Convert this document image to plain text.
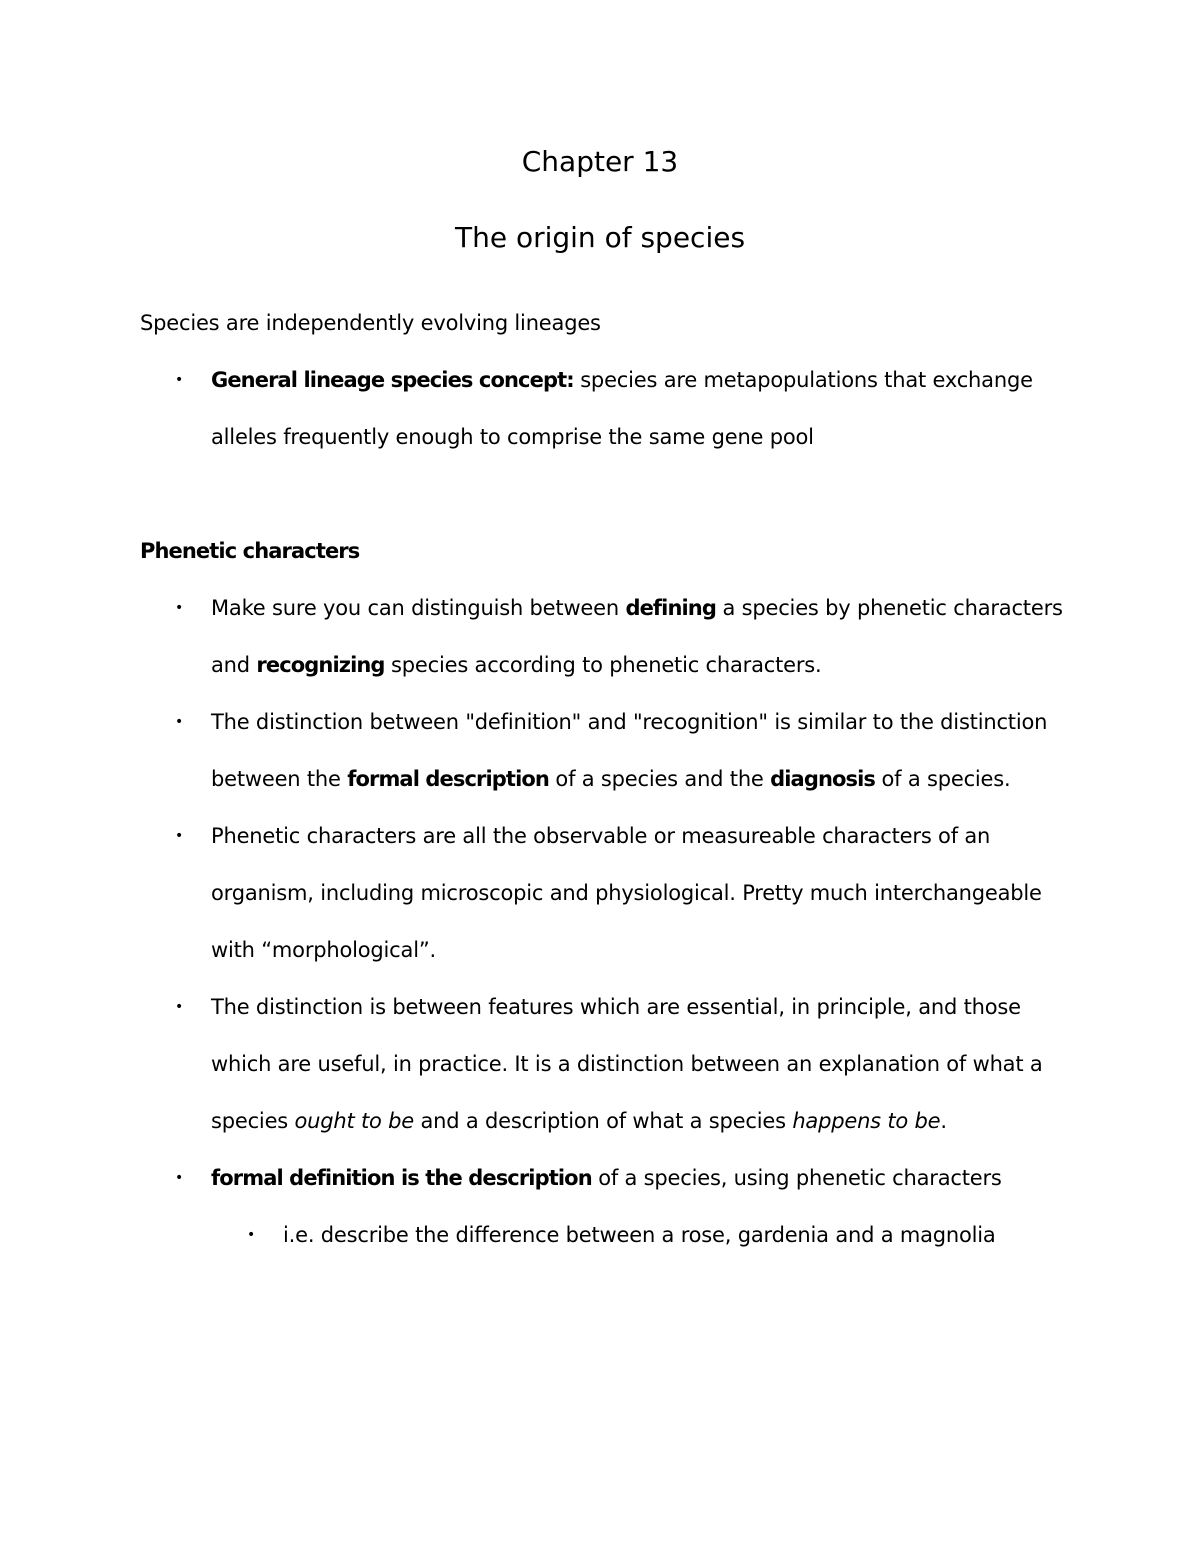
Chapter 13
The origin of species
Species are independently evolving lineages
• General lineage species concept: species are metapopulations that exchange
alleles frequently enough to comprise the same gene pool
Phenetic characters
• Make sure you can distinguish between defining a species by phenetic characters
and recognizing species according to phenetic characters.
• The distinction between "definition" and "recognition" is similar to the distinction
between the formal description of a species and the diagnosis of a species.
• Phenetic characters are all the observable or measureable characters of an
organism, including microscopic and physiological. Pretty much interchangeable
with “morphological”.
• The distinction is between features which are essential, in principle, and those
which are useful, in practice. It is a distinction between an explanation of what a
species ought to be and a description of what a species happens to be.
• formal definition is the description of a species, using phenetic characters
• i.e. describe the difference between a rose, gardenia and a magnolia
